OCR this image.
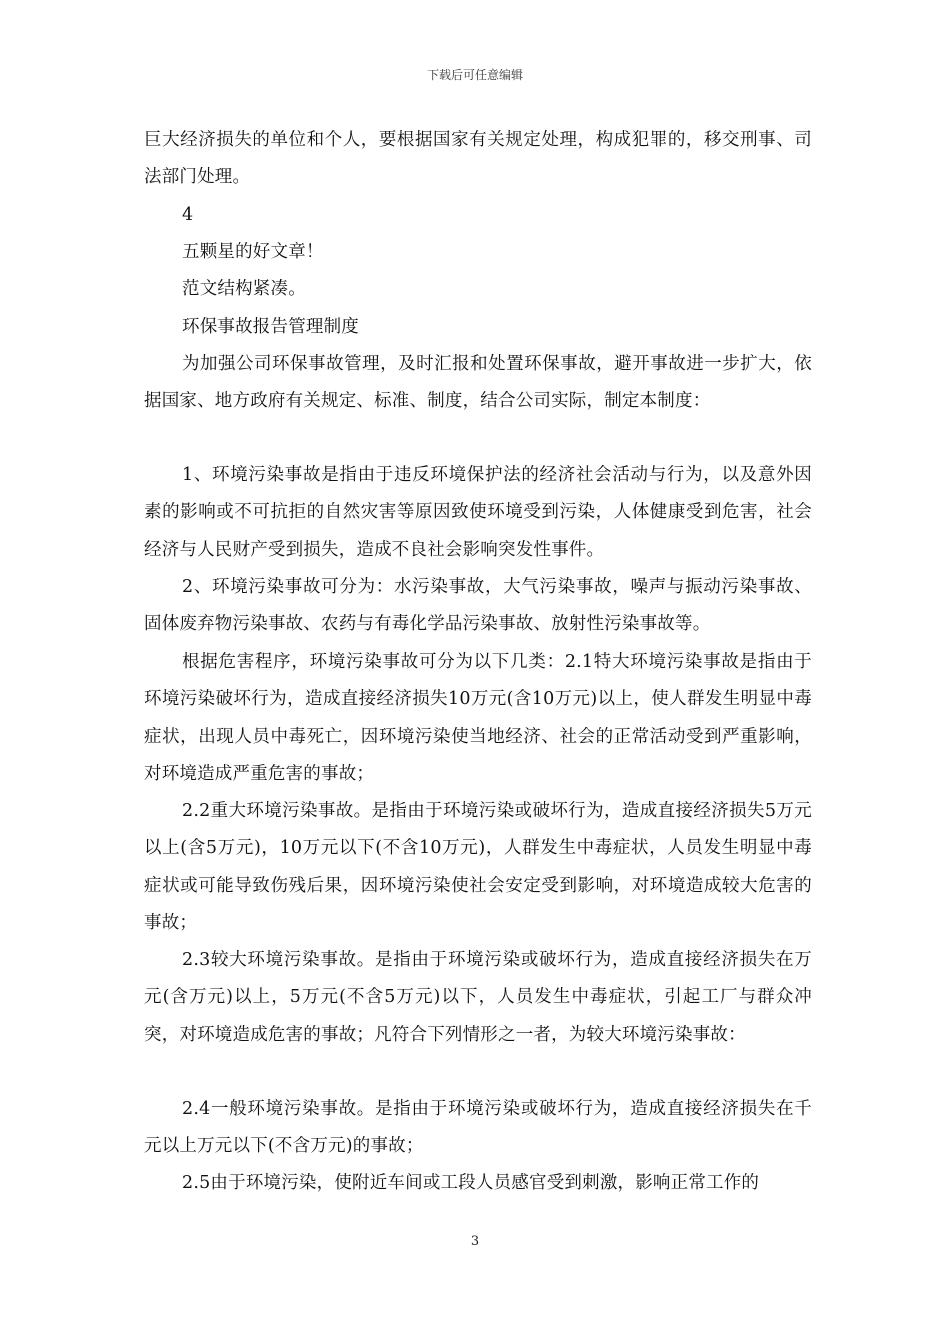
下载后可任意编辑

巨大经济损失的单位和个人，要根据国家有关规定处理，构成犯罪的，移交刑事、司法部门处理。

4

五颗星的好文章！

范文结构紧凑。

环保事故报告管理制度

为加强公司环保事故管理，及时汇报和处置环保事故，避开事故进一步扩大，依据国家、地方政府有关规定、标准、制度，结合公司实际，制定本制度：

1、环境污染事故是指由于违反环境保护法的经济社会活动与行为，以及意外因素的影响或不可抗拒的自然灾害等原因致使环境受到污染，人体健康受到危害，社会经济与人民财产受到损失，造成不良社会影响突发性事件。

2、环境污染事故可分为：水污染事故，大气污染事故，噪声与振动污染事故、固体废弃物污染事故、农药与有毒化学品污染事故、放射性污染事故等。

根据危害程序，环境污染事故可分为以下几类：2.1特大环境污染事故是指由于环境污染破坏行为，造成直接经济损失10万元(含10万元)以上，使人群发生明显中毒症状，出现人员中毒死亡，因环境污染使当地经济、社会的正常活动受到严重影响，对环境造成严重危害的事故；

2.2重大环境污染事故。是指由于环境污染或破坏行为，造成直接经济损失5万元以上(含5万元)，10万元以下(不含10万元)，人群发生中毒症状，人员发生明显中毒症状或可能导致伤残后果，因环境污染使社会安定受到影响，对环境造成较大危害的事故；

2.3较大环境污染事故。是指由于环境污染或破坏行为，造成直接经济损失在万元(含万元)以上，5万元(不含5万元)以下，人员发生中毒症状，引起工厂与群众冲突，对环境造成危害的事故；凡符合下列情形之一者，为较大环境污染事故：

2.4一般环境污染事故。是指由于环境污染或破坏行为，造成直接经济损失在千元以上万元以下(不含万元)的事故；

2.5由于环境污染，使附近车间或工段人员感官受到刺激，影响正常工作的

3
